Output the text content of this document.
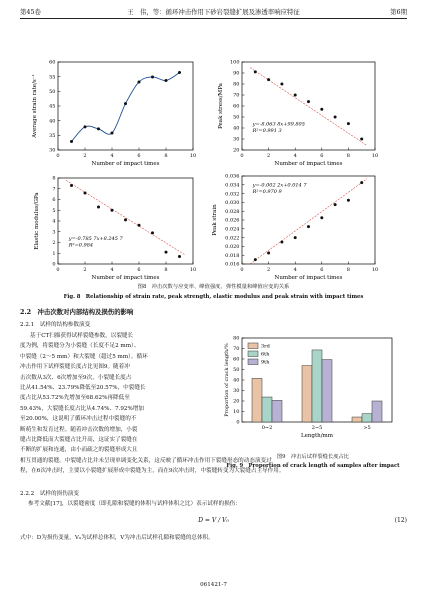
第45卷	王　伟，等：循环冲击作用下砂岩裂缝扩展及渗透率响应特征	第6期
0	2	4	6	8	10
30
35
40
45
50
55
60
Number of impact times
Average strain rate/s⁻¹
0	2	4	6	8	10
20
30
40
50
60
70
80
90
100
Number of impact times
Peak stress/MPa	y=-8.063 8x+99.805
R²=0.991 3
0	2	4	6	8	10
0
1
2
3
4
5
6
7
8
Number of impact times
Elastic modulus/GPa	y=-0.785 7x+8.245 7
R²=0.984
0	2	4	6	8	10
0.016
0.018
0.020
0.022
0.024
0.026
0.028
0.030
0.032
0.034
0.036
Number of impact times
Peak strain
y=-0.002 2x+0.014 7
R²=0.970 9
图8　冲击次数与应变率、峰值强度、弹性模量和峰值应变的关系
Fig. 8　Relationship of strain rate, peak strength, elastic modulus and peak strain with impact times
2.2　冲击次数对内部结构及损伤的影响
2.2.1　试样的结构参数演变
基于CT扫描获得试样裂缝参数，以裂缝长
度为例，将裂缝分为小裂缝（长度不足2 mm）、
中裂缝（2～5 mm）和大裂缝（超过5 mm）。循环
冲击作用下试样裂缝长度占比见图9。随着冲
击次数从3次、6次增加至9次，小裂缝长度占
比从41.54%、23.79%降低至20.57%，中裂缝长
度占比从53.72%先增加至68.62%再降低至
59.43%，大裂缝长度占比从4.74%、7.92%增加
至20.00%，这说明了循环冲击过程中裂缝的不
断萌生和发育过程。随着冲击次数的增加，小裂
0
10
20
30
40
50
60
70
80
0~2	2~5	>5
Length/mm
Proportion of crack length/%	3rd
6th
9th
图9　冲击后试样裂缝长度占比
Fig. 9　Proportion of crack length of samples after impact
缝占比降低而大裂缝占比升高，这证实了裂缝在
不断的扩展和连通，由小而疏之的裂缝形成大且
相互贯通的裂缝。中裂缝占比并未呈现单调变化关系，这反映了循环冲击作用下裂缝形态的动态演变过
程，在6次冲击时，主要以小裂缝扩展形成中裂缝为主，而在9次冲击时，中裂缝转变为大裂缝占主导作用。
2.2.2　试样的损伤演变
参考文献[17]，以裂缝密度（即孔隙和裂缝的体积与试样体积之比）表示试样的损伤：
D = V / V₀	(12)
式中：D为损伤变量，V₀为试样总体积，V为冲击后试样孔隙和裂缝的总体积。
061421-7
